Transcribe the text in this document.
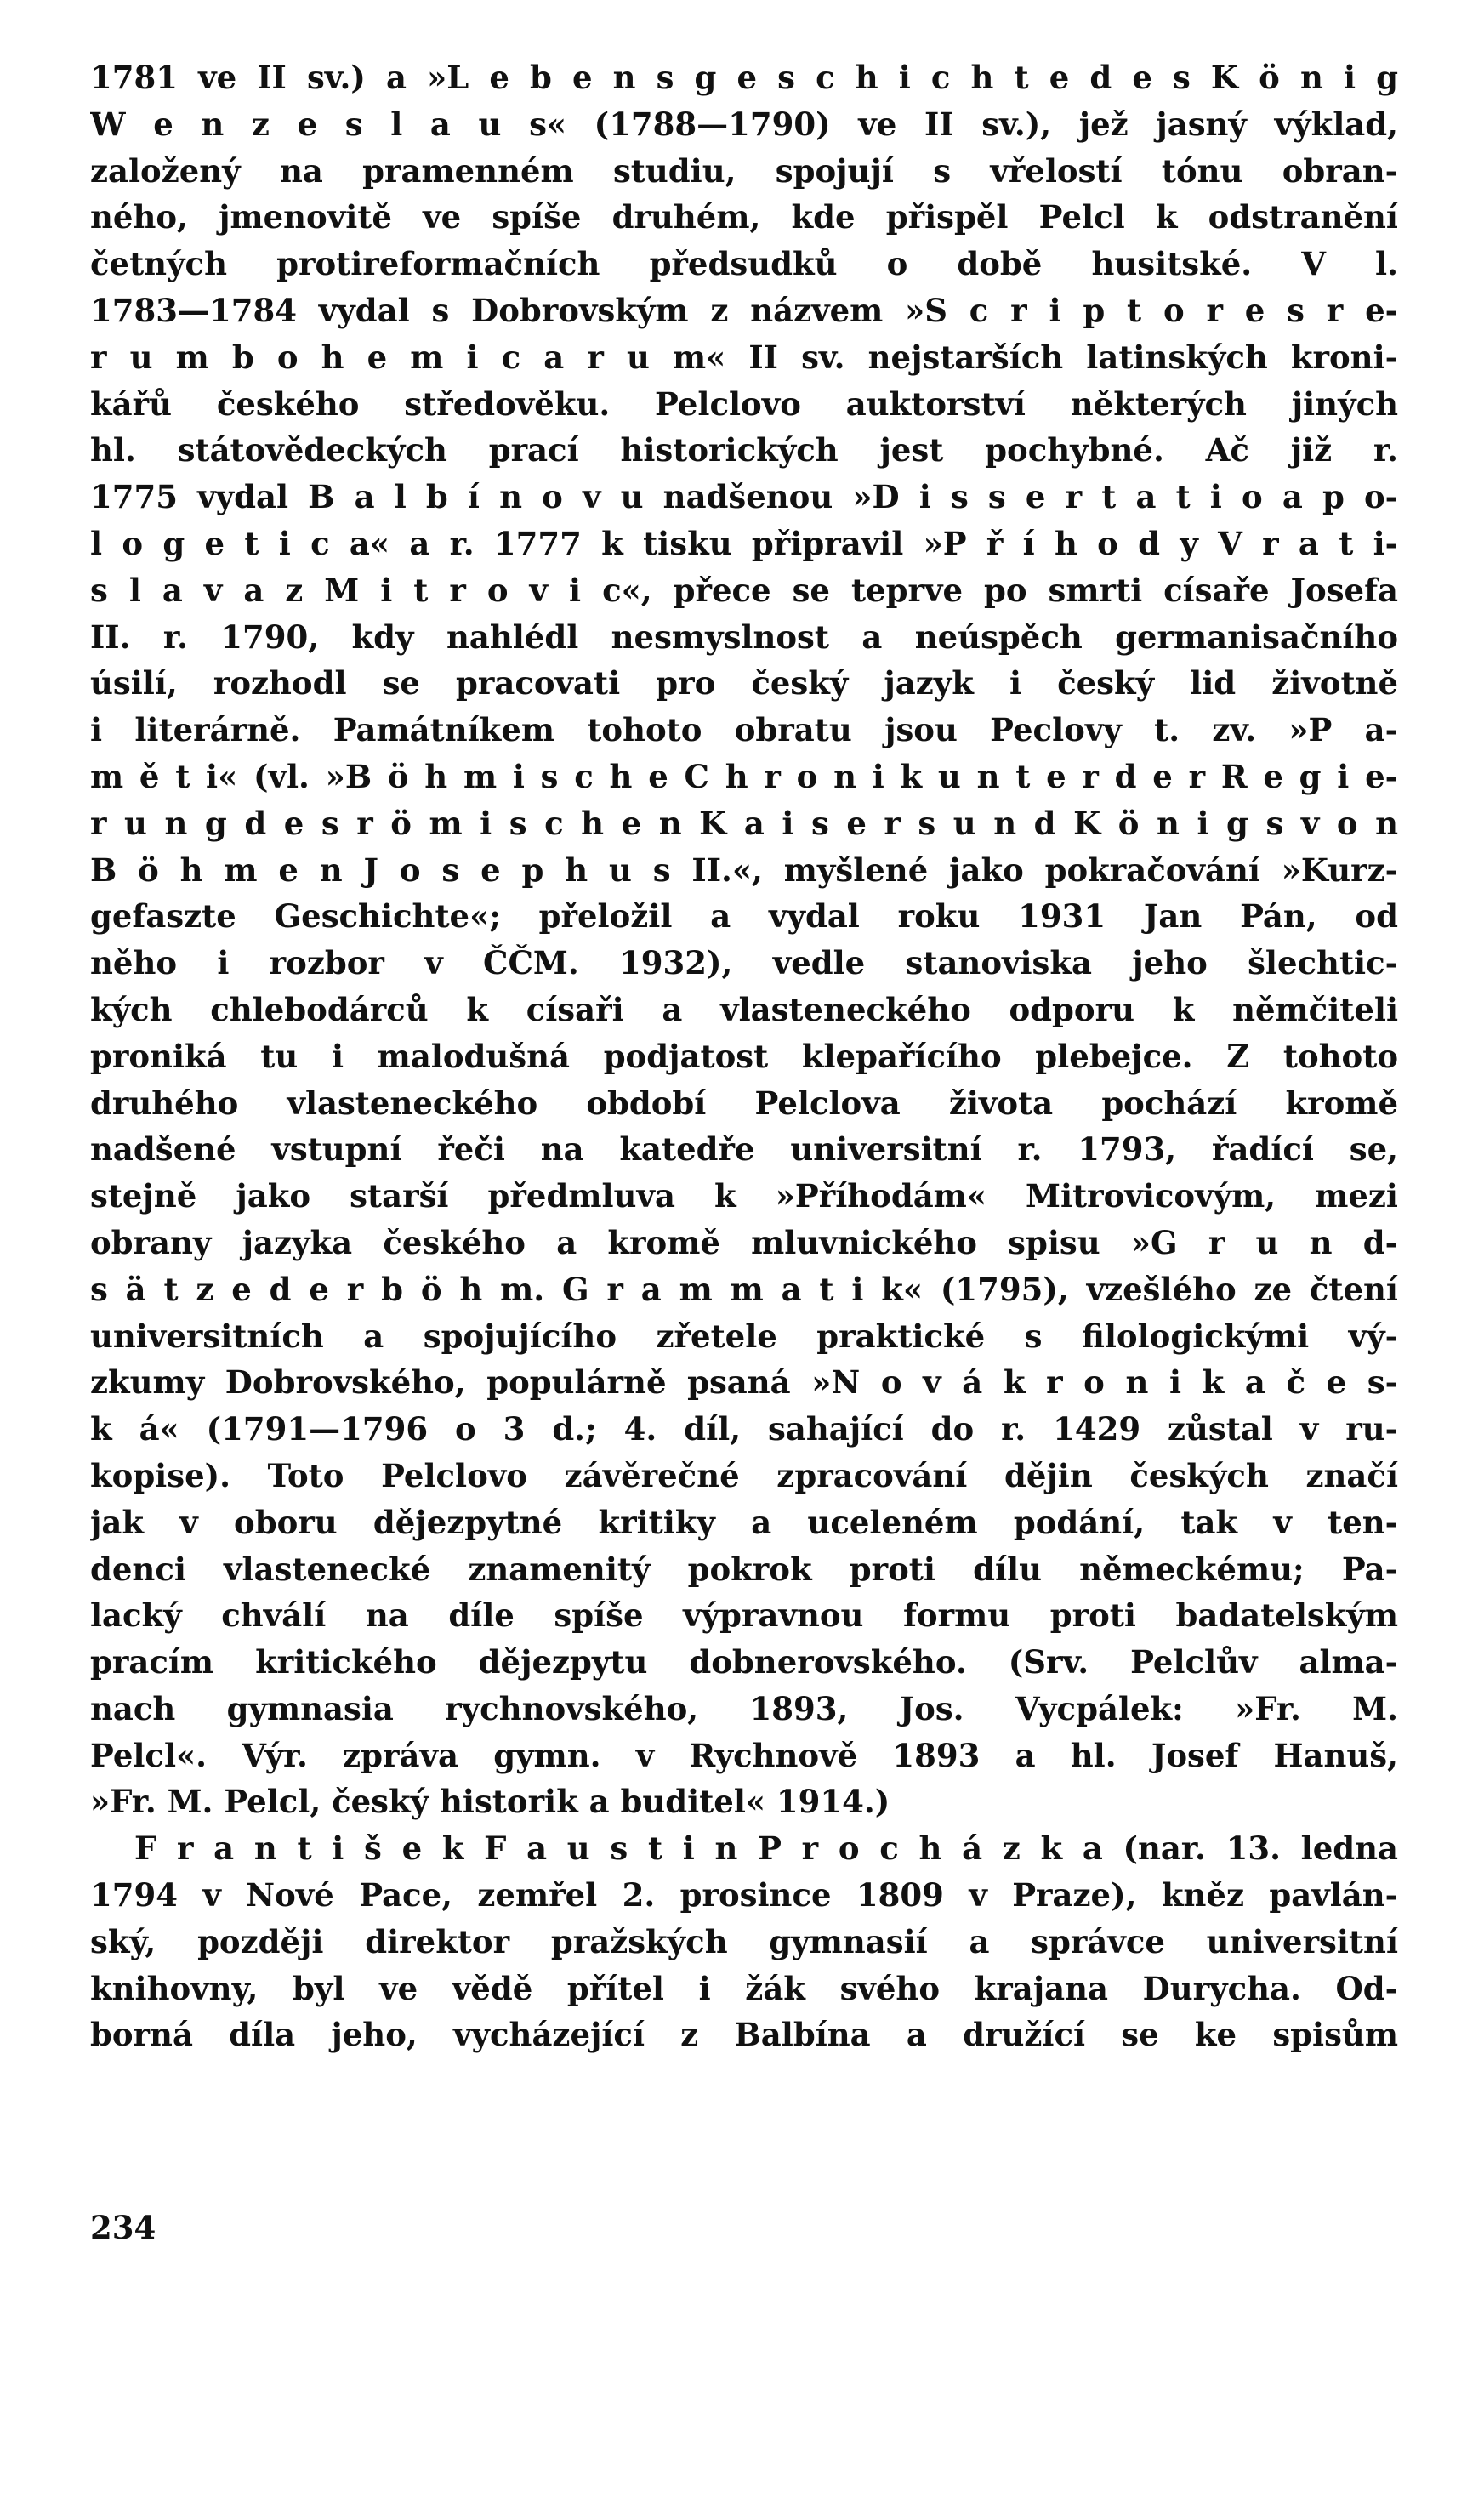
1781 ve II sv.) a »L e b e n s g e s c h i c h t e d e s K ö n i g
W e n z e s l a u s« (1788—1790) ve II sv.), jež jasný výklad,
založený na pramenném studiu, spojují s vřelostí tónu obran-
ného, jmenovitě ve spíše druhém, kde přispěl Pelcl k odstranění
četných protireformačních předsudků o době husitské. V l.
1783—1784 vydal s Dobrovským z názvem »S c r i p t o r e s r e-
r u m b o h e m i c a r u m« II sv. nejstarších latinských kroni-
kářů českého středověku. Pelclovo auktorství některých jiných
hl. státovědeckých prací historických jest pochybné. Ač již r.
1775 vydal B a l b í n o v u nadšenou »D i s s e r t a t i o a p o-
l o g e t i c a« a r. 1777 k tisku připravil »P ř í h o d y V r a t i-
s l a v a z M i t r o v i c«, přece se teprve po smrti císaře Josefa
II. r. 1790, kdy nahlédl nesmyslnost a neúspěch germanisačního
úsilí, rozhodl se pracovati pro český jazyk i český lid životně
i literárně. Památníkem tohoto obratu jsou Peclovy t. zv. »P a-
m ě t i« (vl. »B ö h m i s c h e C h r o n i k u n t e r d e r R e g i e-
r u n g d e s r ö m i s c h e n K a i s e r s u n d K ö n i g s v o n
B ö h m e n J o s e p h u s II.«, myšlené jako pokračování »Kurz-
gefaszte Geschichte«; přeložil a vydal roku 1931 Jan Pán, od
něho i rozbor v ČČM. 1932), vedle stanoviska jeho šlechtic-
kých chlebodárců k císaři a vlasteneckého odporu k němčiteli
proniká tu i malodušná podjatost klepařícího plebejce. Z tohoto
druhého vlasteneckého období Pelclova života pochází kromě
nadšené vstupní řeči na katedře universitní r. 1793, řadící se,
stejně jako starší předmluva k »Příhodám« Mitrovicovým, mezi
obrany jazyka českého a kromě mluvnického spisu »G r u n d-
s ä t z e d e r b ö h m. G r a m m a t i k« (1795), vzešlého ze čtení
universitních a spojujícího zřetele praktické s filologickými vý-
zkumy Dobrovského, populárně psaná »N o v á k r o n i k a č e s-
k á« (1791—1796 o 3 d.; 4. díl, sahající do r. 1429 zůstal v ru-
kopise). Toto Pelclovo závěrečné zpracování dějin českých značí
jak v oboru dějezpytné kritiky a uceleném podání, tak v ten-
denci vlastenecké znamenitý pokrok proti dílu německému; Pa-
lacký chválí na díle spíše výpravnou formu proti badatelským
pracím kritického dějezpytu dobnerovského. (Srv. Pelclův alma-
nach gymnasia rychnovského, 1893, Jos. Vycpálek: »Fr. M.
Pelcl«. Výr. zpráva gymn. v Rychnově 1893 a hl. Josef Hanuš,
»Fr. M. Pelcl, český historik a buditel« 1914.)
F r a n t i š e k F a u s t i n P r o c h á z k a (nar. 13. ledna
1794 v Nové Pace, zemřel 2. prosince 1809 v Praze), kněz pavlán-
ský, později direktor pražských gymnasií a správce universitní
knihovny, byl ve vědě přítel i žák svého krajana Durycha. Od-
borná díla jeho, vycházející z Balbína a družící se ke spisům
234
